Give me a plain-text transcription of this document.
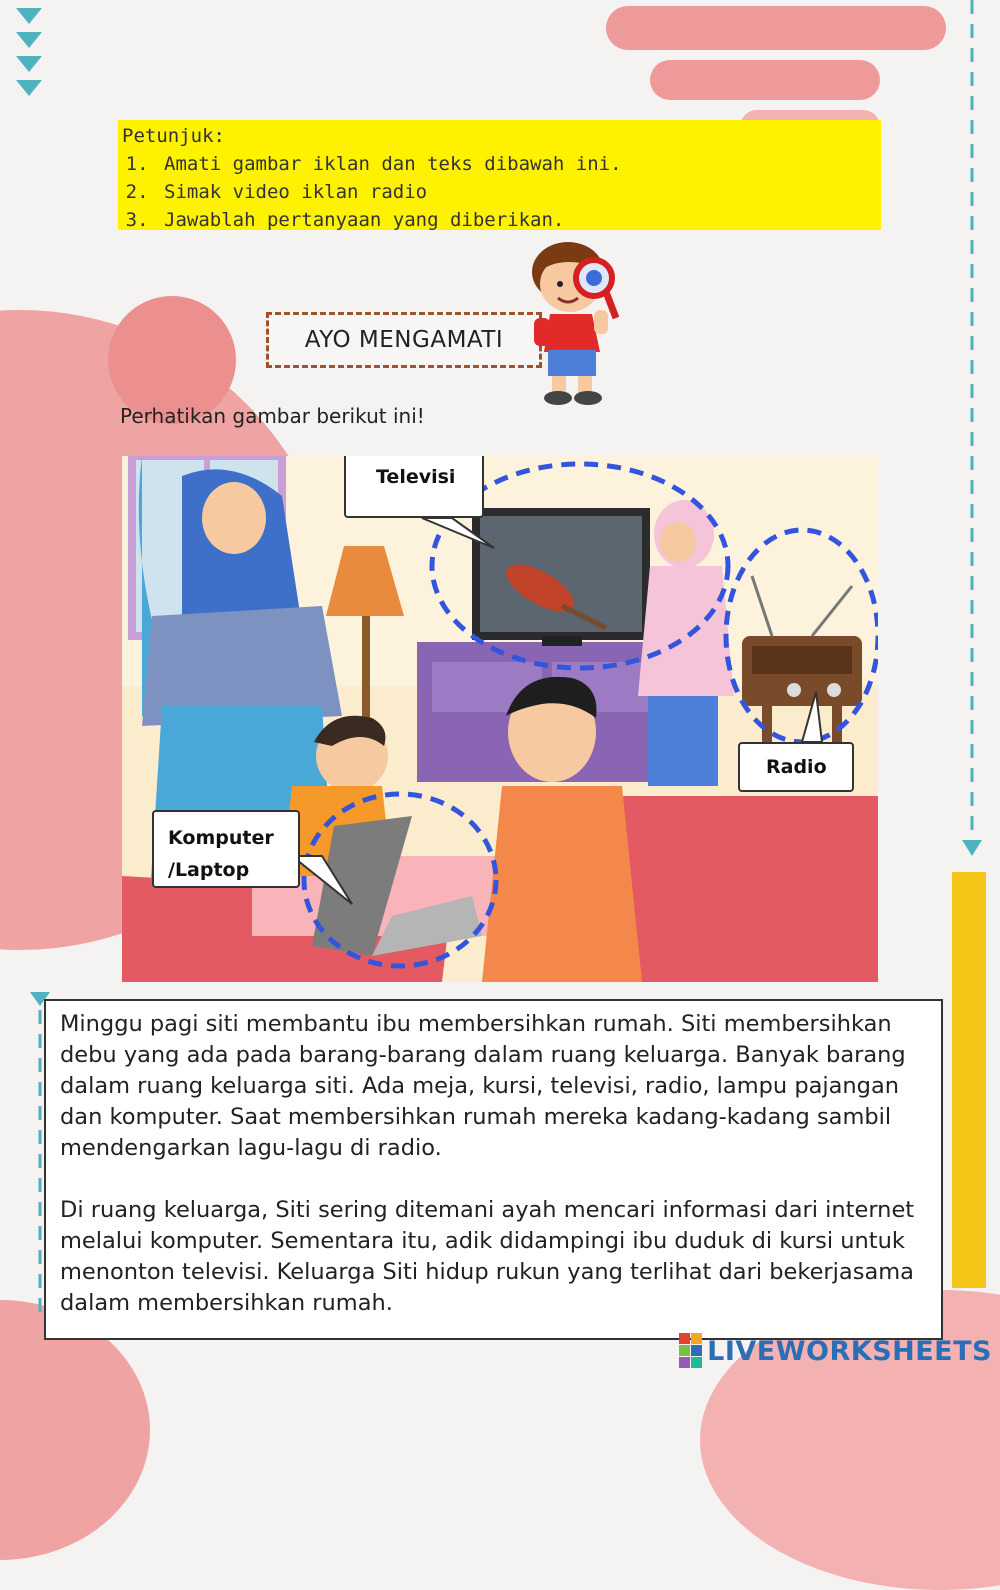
Petunjuk:
1. Amati gambar iklan dan teks dibawah ini.
2. Simak video iklan radio
3. Jawablah pertanyaan yang diberikan.
AYO MENGAMATI
Perhatikan gambar berikut ini!
Televisi
Radio
Komputer
/Laptop

Minggu pagi siti membantu ibu membersihkan rumah. Siti membersihkan debu yang ada pada barang-barang dalam ruang keluarga. Banyak barang dalam ruang keluarga siti. Ada meja, kursi, televisi, radio, lampu pajangan dan komputer. Saat membersihkan rumah mereka kadang-kadang sambil mendengarkan lagu-lagu di radio.

Di ruang keluarga, Siti sering ditemani ayah mencari informasi dari internet melalui komputer. Sementara itu, adik didampingi ibu duduk di kursi untuk menonton televisi. Keluarga Siti hidup rukun yang terlihat dari bekerjasama dalam membersihkan rumah.

LIVEWORKSHEETS
